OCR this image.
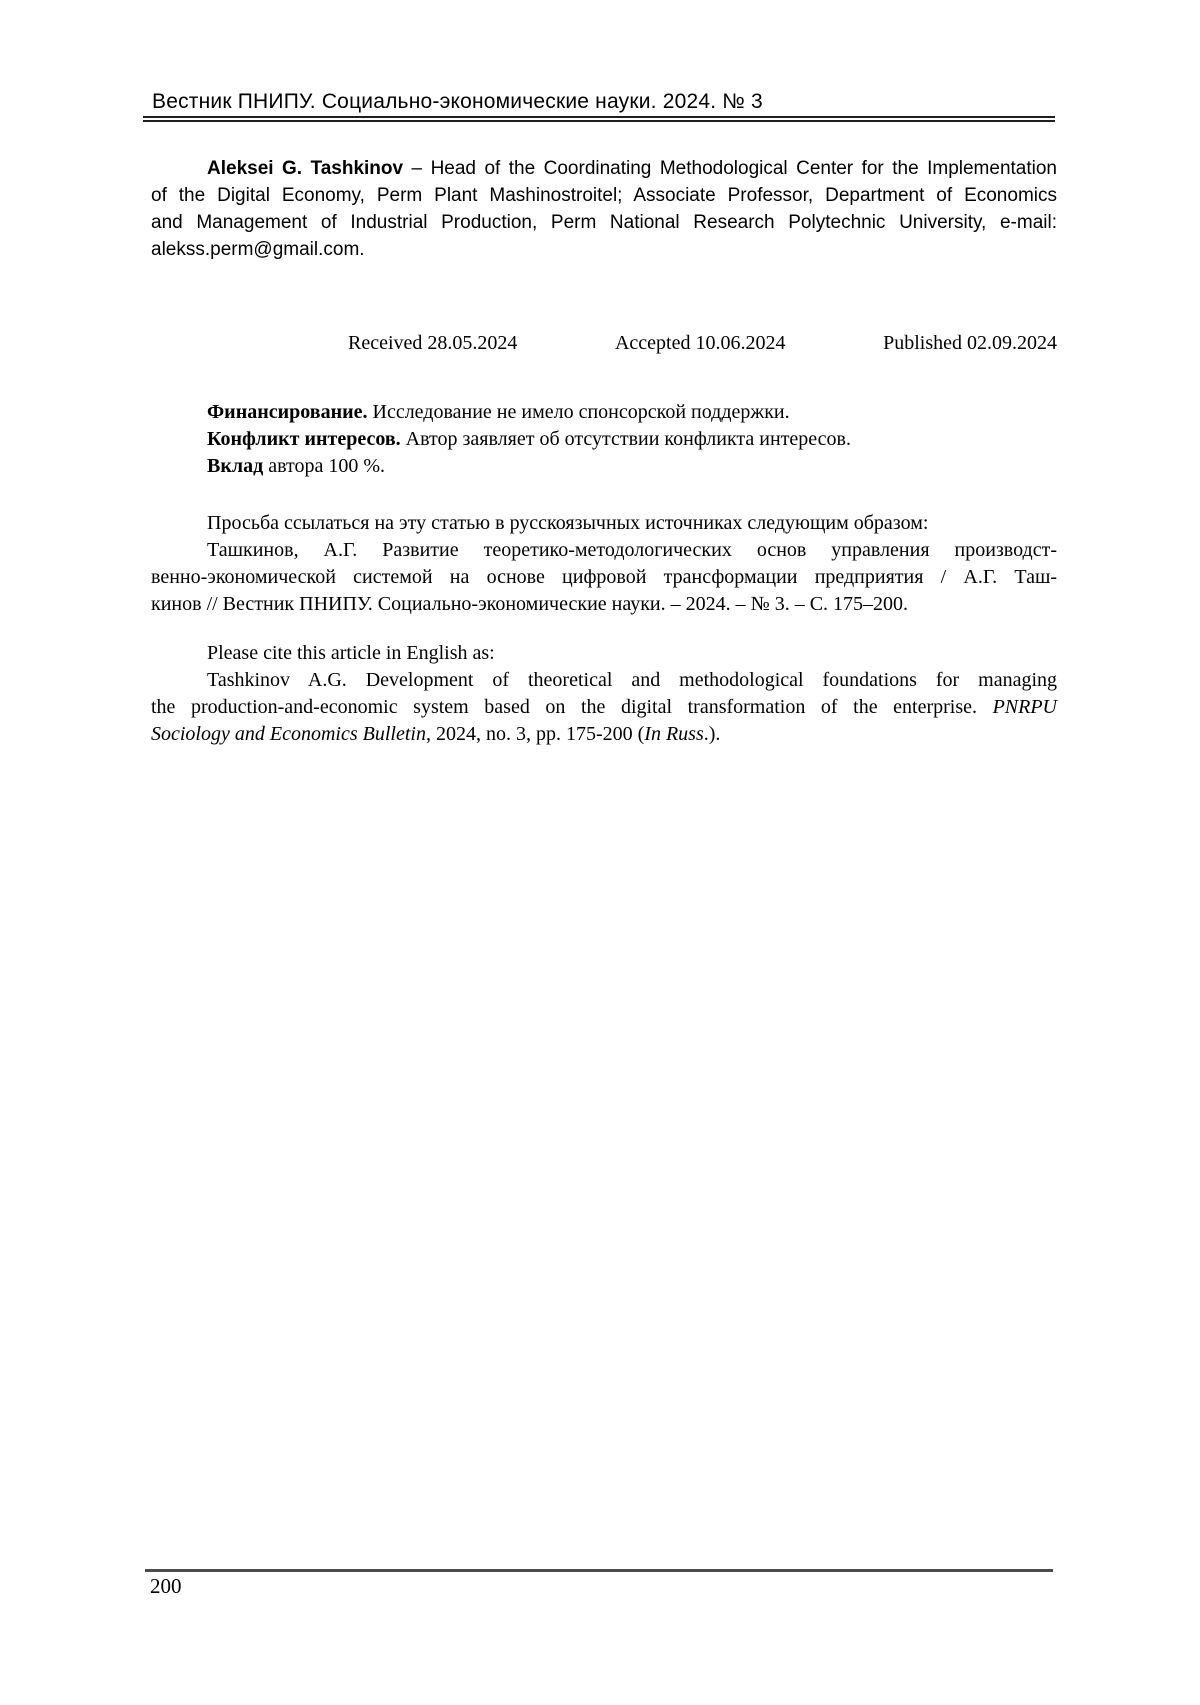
Вестник ПНИПУ. Социально-экономические науки. 2024. № 3
Aleksei G. Tashkinov – Head of the Coordinating Methodological Center for the Implementation
of the Digital Economy, Perm Plant Mashinostroitel; Associate Professor, Department of Economics
and Management of Industrial Production, Perm National Research Polytechnic University, e-mail:
alekss.perm@gmail.com.
Received 28.05.2024	Accepted 10.06.2024	Published 02.09.2024
Финансирование. Исследование не имело спонсорской поддержки.
Конфликт интересов. Автор заявляет об отсутствии конфликта интересов.
Вклад автора 100 %.
Просьба ссылаться на эту статью в русскоязычных источниках следующим образом:
Ташкинов, А.Г. Развитие теоретико-методологических основ управления производст-
венно-экономической системой на основе цифровой трансформации предприятия / А.Г. Таш-
кинов // Вестник ПНИПУ. Социально-экономические науки. – 2024. – № 3. – С. 175–200.
Please cite this article in English as:
Tashkinov A.G. Development of theoretical and methodological foundations for managing
the production-and-economic system based on the digital transformation of the enterprise. PNRPU
Sociology and Economics Bulletin, 2024, no. 3, pp. 175-200 (In Russ.).
200
